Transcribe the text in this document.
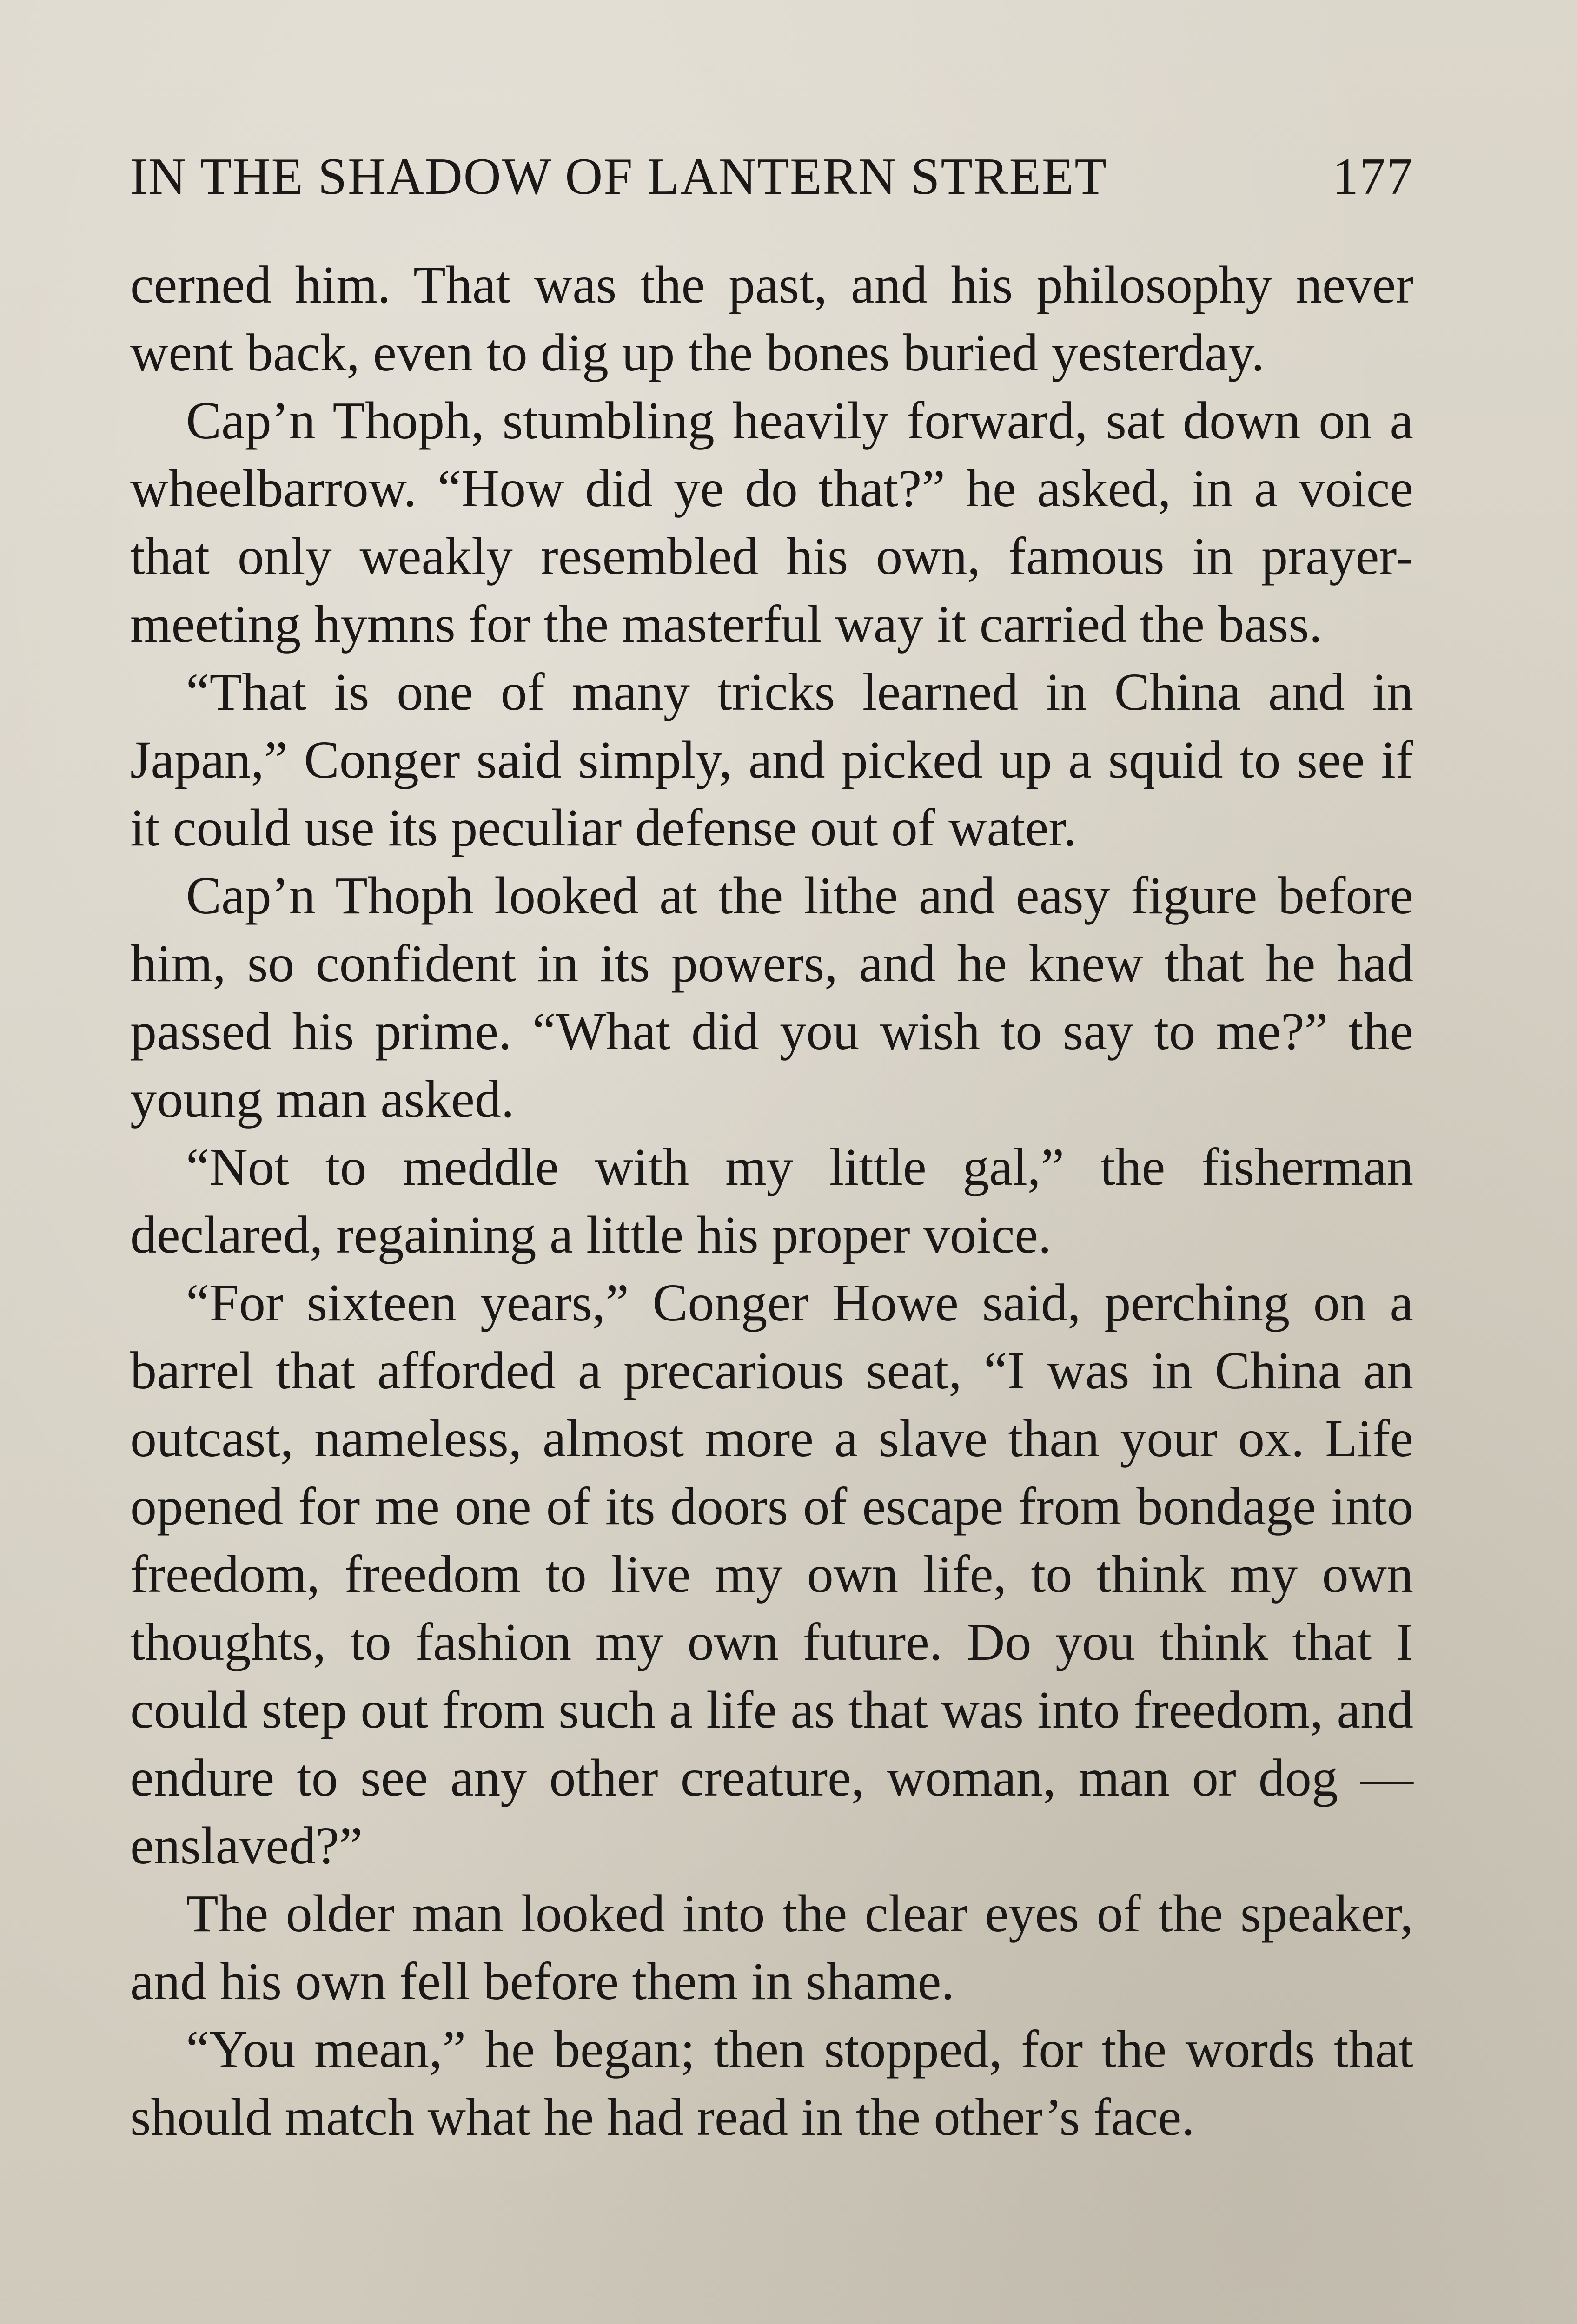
IN THE SHADOW OF LANTERN STREET	177

cerned him. That was the past, and his philosophy never went back, even to dig up the bones buried yesterday.

Cap’n Thoph, stumbling heavily forward, sat down on a wheelbarrow. “How did ye do that?” he asked, in a voice that only weakly resembled his own, famous in prayer-meeting hymns for the masterful way it carried the bass.

“That is one of many tricks learned in China and in Japan,” Conger said simply, and picked up a squid to see if it could use its peculiar defense out of water.

Cap’n Thoph looked at the lithe and easy figure before him, so confident in its powers, and he knew that he had passed his prime. “What did you wish to say to me?” the young man asked.

“Not to meddle with my little gal,” the fisherman declared, regaining a little his proper voice.

“For sixteen years,” Conger Howe said, perching on a barrel that afforded a precarious seat, “I was in China an outcast, nameless, almost more a slave than your ox. Life opened for me one of its doors of escape from bondage into freedom, freedom to live my own life, to think my own thoughts, to fashion my own future. Do you think that I could step out from such a life as that was into freedom, and endure to see any other creature, woman, man or dog — enslaved?”

The older man looked into the clear eyes of the speaker, and his own fell before them in shame.

“You mean,” he began; then stopped, for the words that should match what he had read in the other’s face.
